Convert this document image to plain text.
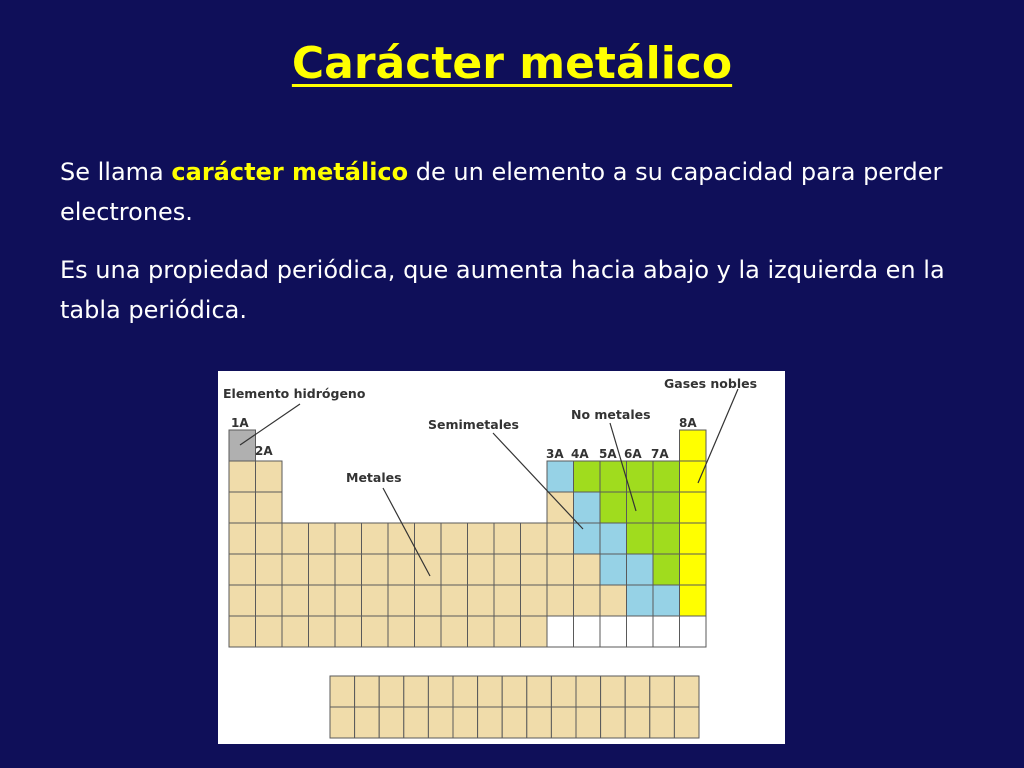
Carácter metálico

Se llama carácter metálico de un elemento a su capacidad para perder electrones.

Es una propiedad periódica, que aumenta hacia abajo y la izquierda en la tabla periódica.

Elemento hidrógeno
Metales
Semimetales
No metales
Gases nobles
1A
2A	3A 4A 5A 6A 7A
8A
